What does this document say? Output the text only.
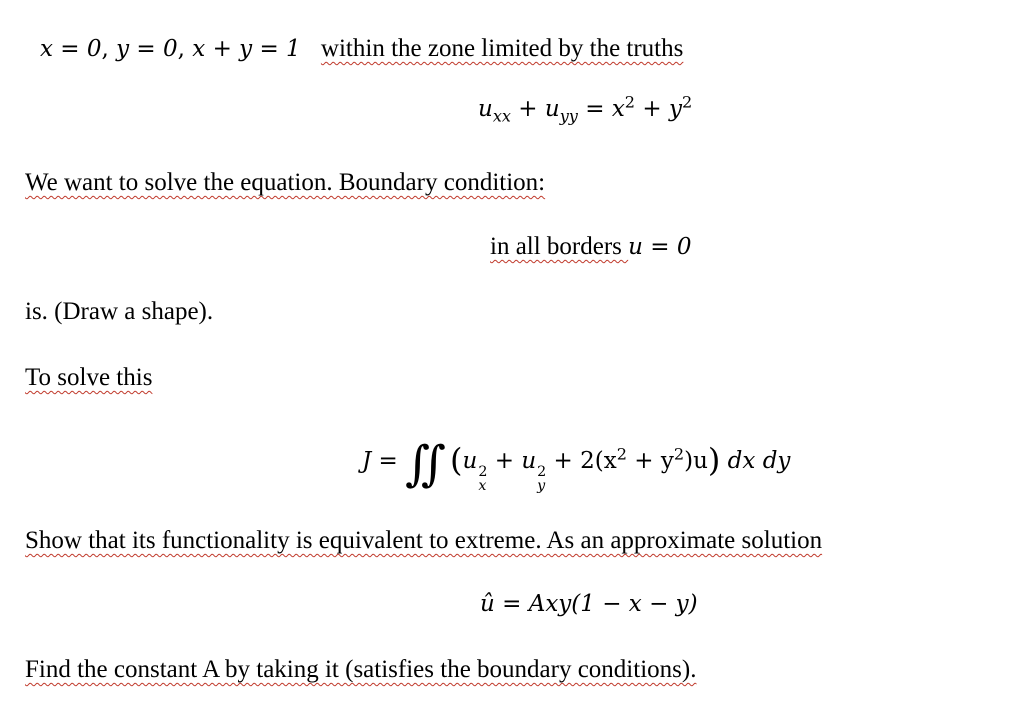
x = 0, y = 0, x + y = 1 within the zone limited by the truths
$u_{xx} + u_{yy} = x^2 + y^2$
We want to solve the equation. Boundary condition:
in all borders u = 0
is. (Draw a shape).
To solve this
J = ∬ (u 2
x
+ u 2
y
+ $2(x^2 + y^2)u$) dx dy
Show that its functionality is equivalent to extreme. As an approximate solution
û = Axy(1 − x − y)
Find the constant A by taking it (satisfies the boundary conditions).
